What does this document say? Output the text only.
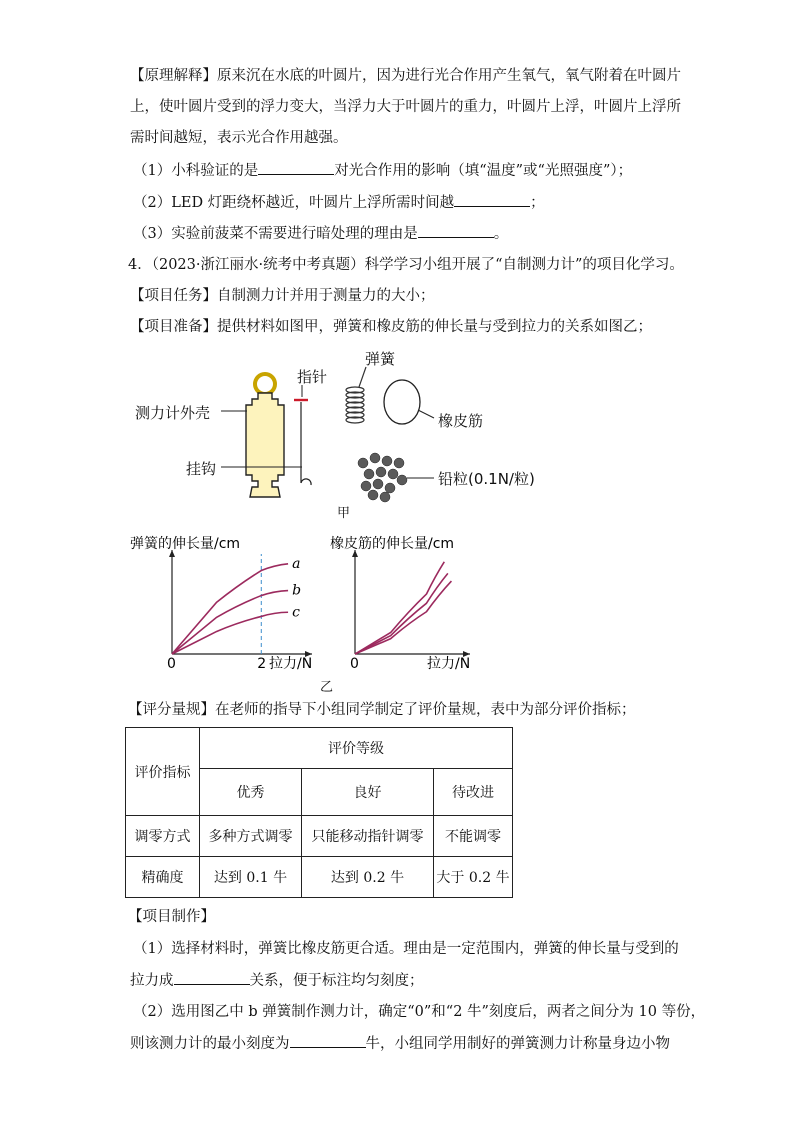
【原理解释】原来沉在水底的叶圆片，因为进行光合作用产生氧气，氧气附着在叶圆片
上，使叶圆片受到的浮力变大，当浮力大于叶圆片的重力，叶圆片上浮，叶圆片上浮所
需时间越短，表示光合作用越强。
（1）小科验证的是	对光合作用的影响（填“温度”或“光照强度”）；
（2）LED 灯距绕杯越近，叶圆片上浮所需时间越	；
（3）实验前菠菜不需要进行暗处理的理由是	。
4．（2023·浙江丽水·统考中考真题）科学学习小组开展了“自制测力计”的项目化学习。
【项目任务】自制测力计并用于测量力的大小；
【项目准备】提供材料如图甲，弹簧和橡皮筋的伸长量与受到拉力的关系如图乙；
测力计外壳
指针
挂钩
弹簧
橡皮筋
铅粒(0.1N/粒)
甲
弹簧的伸长量/cm
拉力/N
0	2
a
b
c
橡皮筋的伸长量/cm
拉力/N
0
乙
【评分量规】在老师的指导下小组同学制定了评价量规，表中为部分评价指标；
评价指标	评价等级		
	优秀	良好	待改进
调零方式	多种方式调零	只能移动指针调零	不能调零
精确度	达到 0.1 牛	达到 0.2 牛	大于 0.2 牛
【项目制作】
（1）选择材料时，弹簧比橡皮筋更合适。理由是一定范围内，弹簧的伸长量与受到的
拉力成	关系，便于标注均匀刻度；
（2）选用图乙中 b 弹簧制作测力计，确定“0”和“2 牛”刻度后，两者之间分为 10 等份，
则该测力计的最小刻度为	牛，小组同学用制好的弹簧测力计称量身边小物
